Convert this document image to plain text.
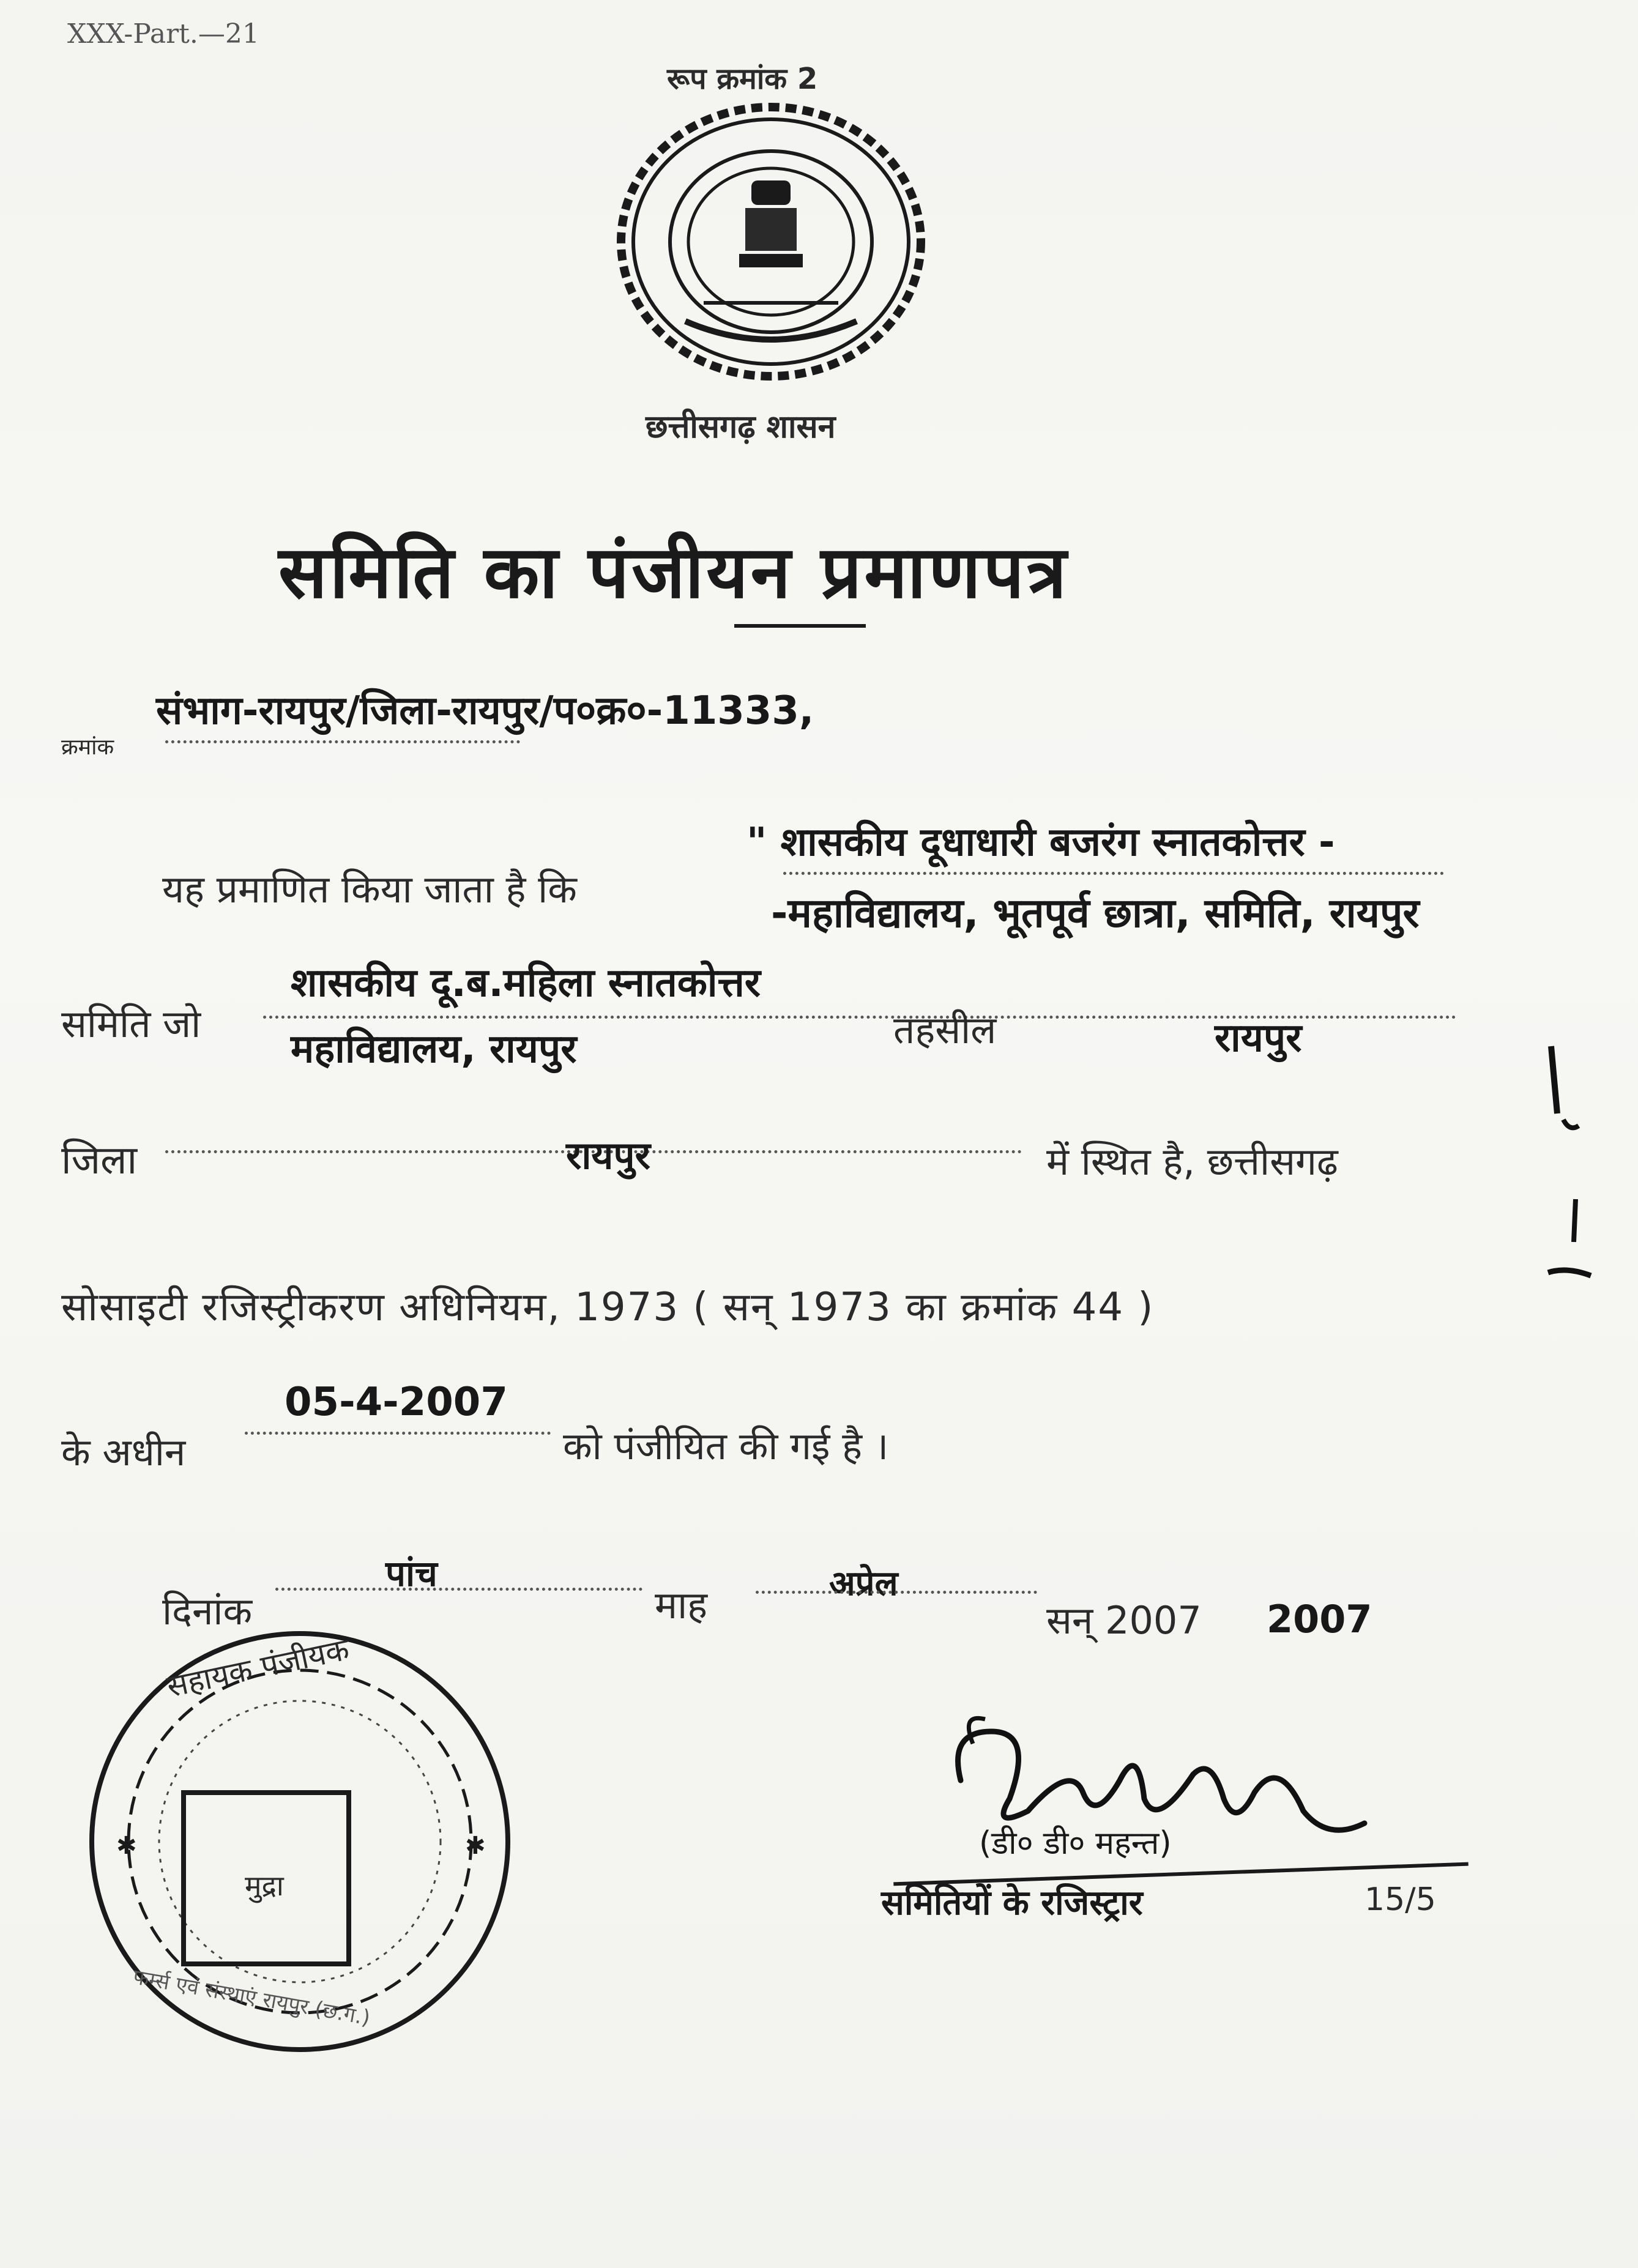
XXX-Part.—21
रूप क्रमांक 2
छत्तीसगढ़ शासन
समिति का पंजीयन प्रमाणपत्र
क्रमांक
संभाग-रायपुर/जिला-रायपुर/प०क्र०-11333,
" शासकीय दूधाधारी बजरंग स्नातकोत्तर -
यह प्रमाणित किया जाता है कि
-महाविद्यालय, भूतपूर्व छात्रा, समिति, रायपुर
समिति जो
शासकीय दू.ब.महिला स्नातकोत्तर
महाविद्यालय, रायपुर	तहसील	रायपुर
जिला	रायपुर	में स्थित है, छत्तीसगढ़
सोसाइटी रजिस्ट्रीकरण अधिनियम, 1973 ( सन् 1973 का क्रमांक 44 )
05-4-2007
के अधीन	को पंजीयित की गई है ।
पांच	अप्रेल
दिनांक	माह	सन् 2007 2007
✱	✱
सहायक पंजीयक
मुद्रा
फर्म्स एवं संस्थाएं रायपुर (छ.ग.)
(डी० डी० महन्त)
समितियों के रजिस्ट्रार	15/5
